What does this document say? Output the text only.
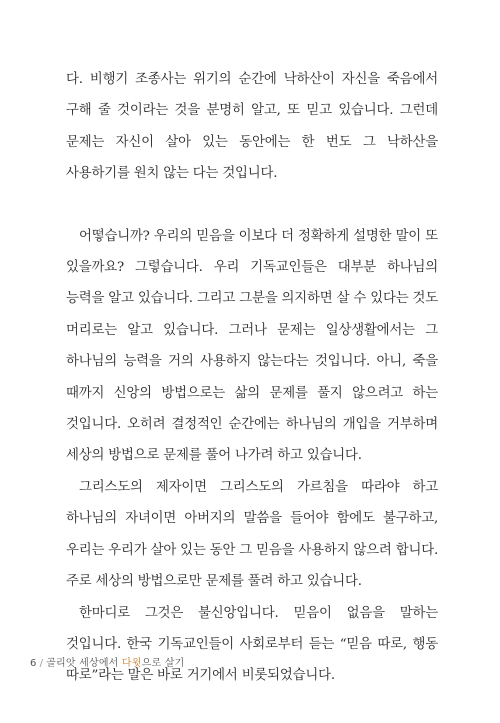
다. 비행기 조종사는 위기의 순간에 낙하산이 자신을 죽음에서 구해 줄 것이라는 것을 분명히 알고, 또 믿고 있습니다. 그런데 문제는 자신이 살아 있는 동안에는 한 번도 그 낙하산을 사용하기를 원치 않는 다는 것입니다.

어떻습니까? 우리의 믿음을 이보다 더 정확하게 설명한 말이 또 있을까요? 그렇습니다. 우리 기독교인들은 대부분 하나님의 능력을 알고 있습니다. 그리고 그분을 의지하면 살 수 있다는 것도 머리로는 알고 있습니다. 그러나 문제는 일상생활에서는 그 하나님의 능력을 거의 사용하지 않는다는 것입니다. 아니, 죽을 때까지 신앙의 방법으로는 삶의 문제를 풀지 않으려고 하는 것입니다. 오히려 결정적인 순간에는 하나님의 개입을 거부하며 세상의 방법으로 문제를 풀어 나가려 하고 있습니다.

그리스도의 제자이면 그리스도의 가르침을 따라야 하고 하나님의 자녀이면 아버지의 말씀을 들어야 함에도 불구하고, 우리는 우리가 살아 있는 동안 그 믿음을 사용하지 않으려 합니다. 주로 세상의 방법으로만 문제를 풀려 하고 있습니다.

한마디로 그것은 불신앙입니다. 믿음이 없음을 말하는 것입니다. 한국 기독교인들이 사회로부터 듣는 “믿음 따로, 행동 따로”라는 말은 바로 거기에서 비롯되었습니다.

6 / 골리앗 세상에서 다윗으로 살기
